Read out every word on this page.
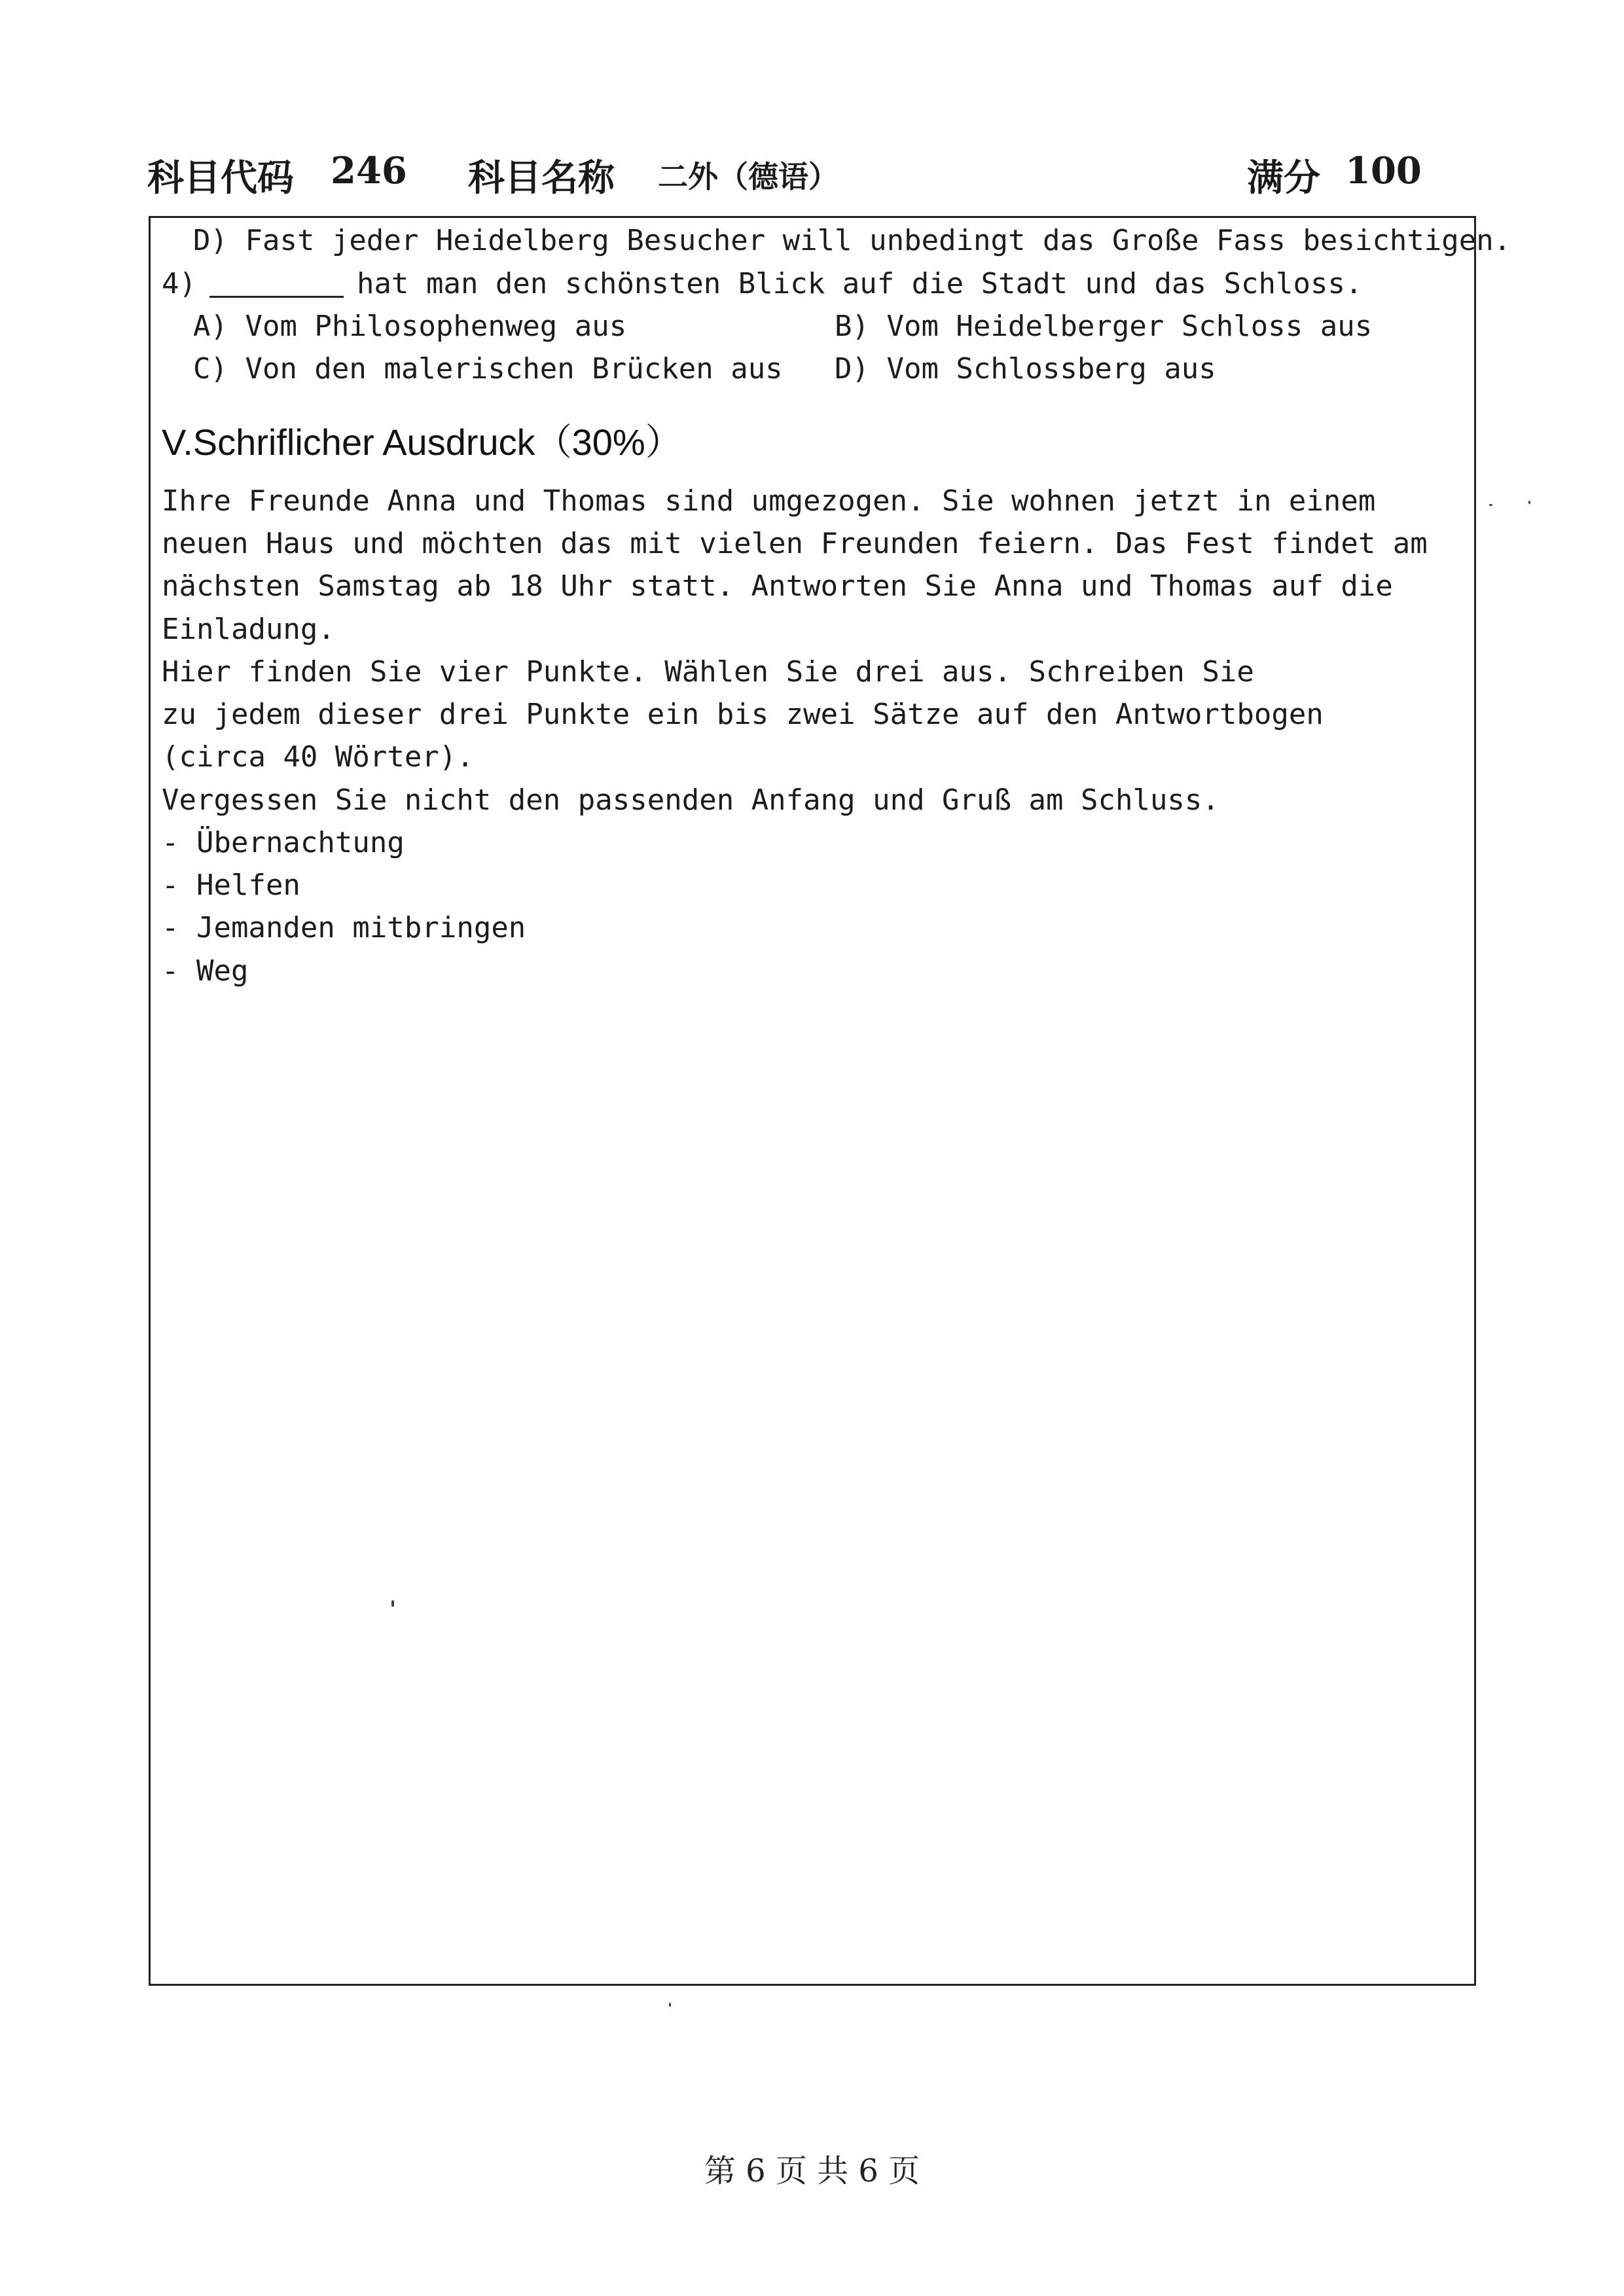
科目代码 246 科目名称 二外（德语）	满分 100
D) Fast jeder Heidelberg Besucher will unbedingt das Große Fass besichtigen.
4)	hat man den schönsten Blick auf die Stadt und das Schloss.
A) Vom Philosophenweg aus	B) Vom Heidelberger Schloss aus
C) Von den malerischen Brücken aus D) Vom Schlossberg aus
V.Schriflicher Ausdruck（30%）
Ihre Freunde Anna und Thomas sind umgezogen. Sie wohnen jetzt in einem
neuen Haus und möchten das mit vielen Freunden feiern. Das Fest findet am
nächsten Samstag ab 18 Uhr statt. Antworten Sie Anna und Thomas auf die
Einladung.
Hier finden Sie vier Punkte. Wählen Sie drei aus. Schreiben Sie
zu jedem dieser drei Punkte ein bis zwei Sätze auf den Antwortbogen
(circa 40 Wörter).
Vergessen Sie nicht den passenden Anfang und Gruß am Schluss.
- Übernachtung
- Helfen
- Jemanden mitbringen
- Weg
第 6 页 共 6 页
